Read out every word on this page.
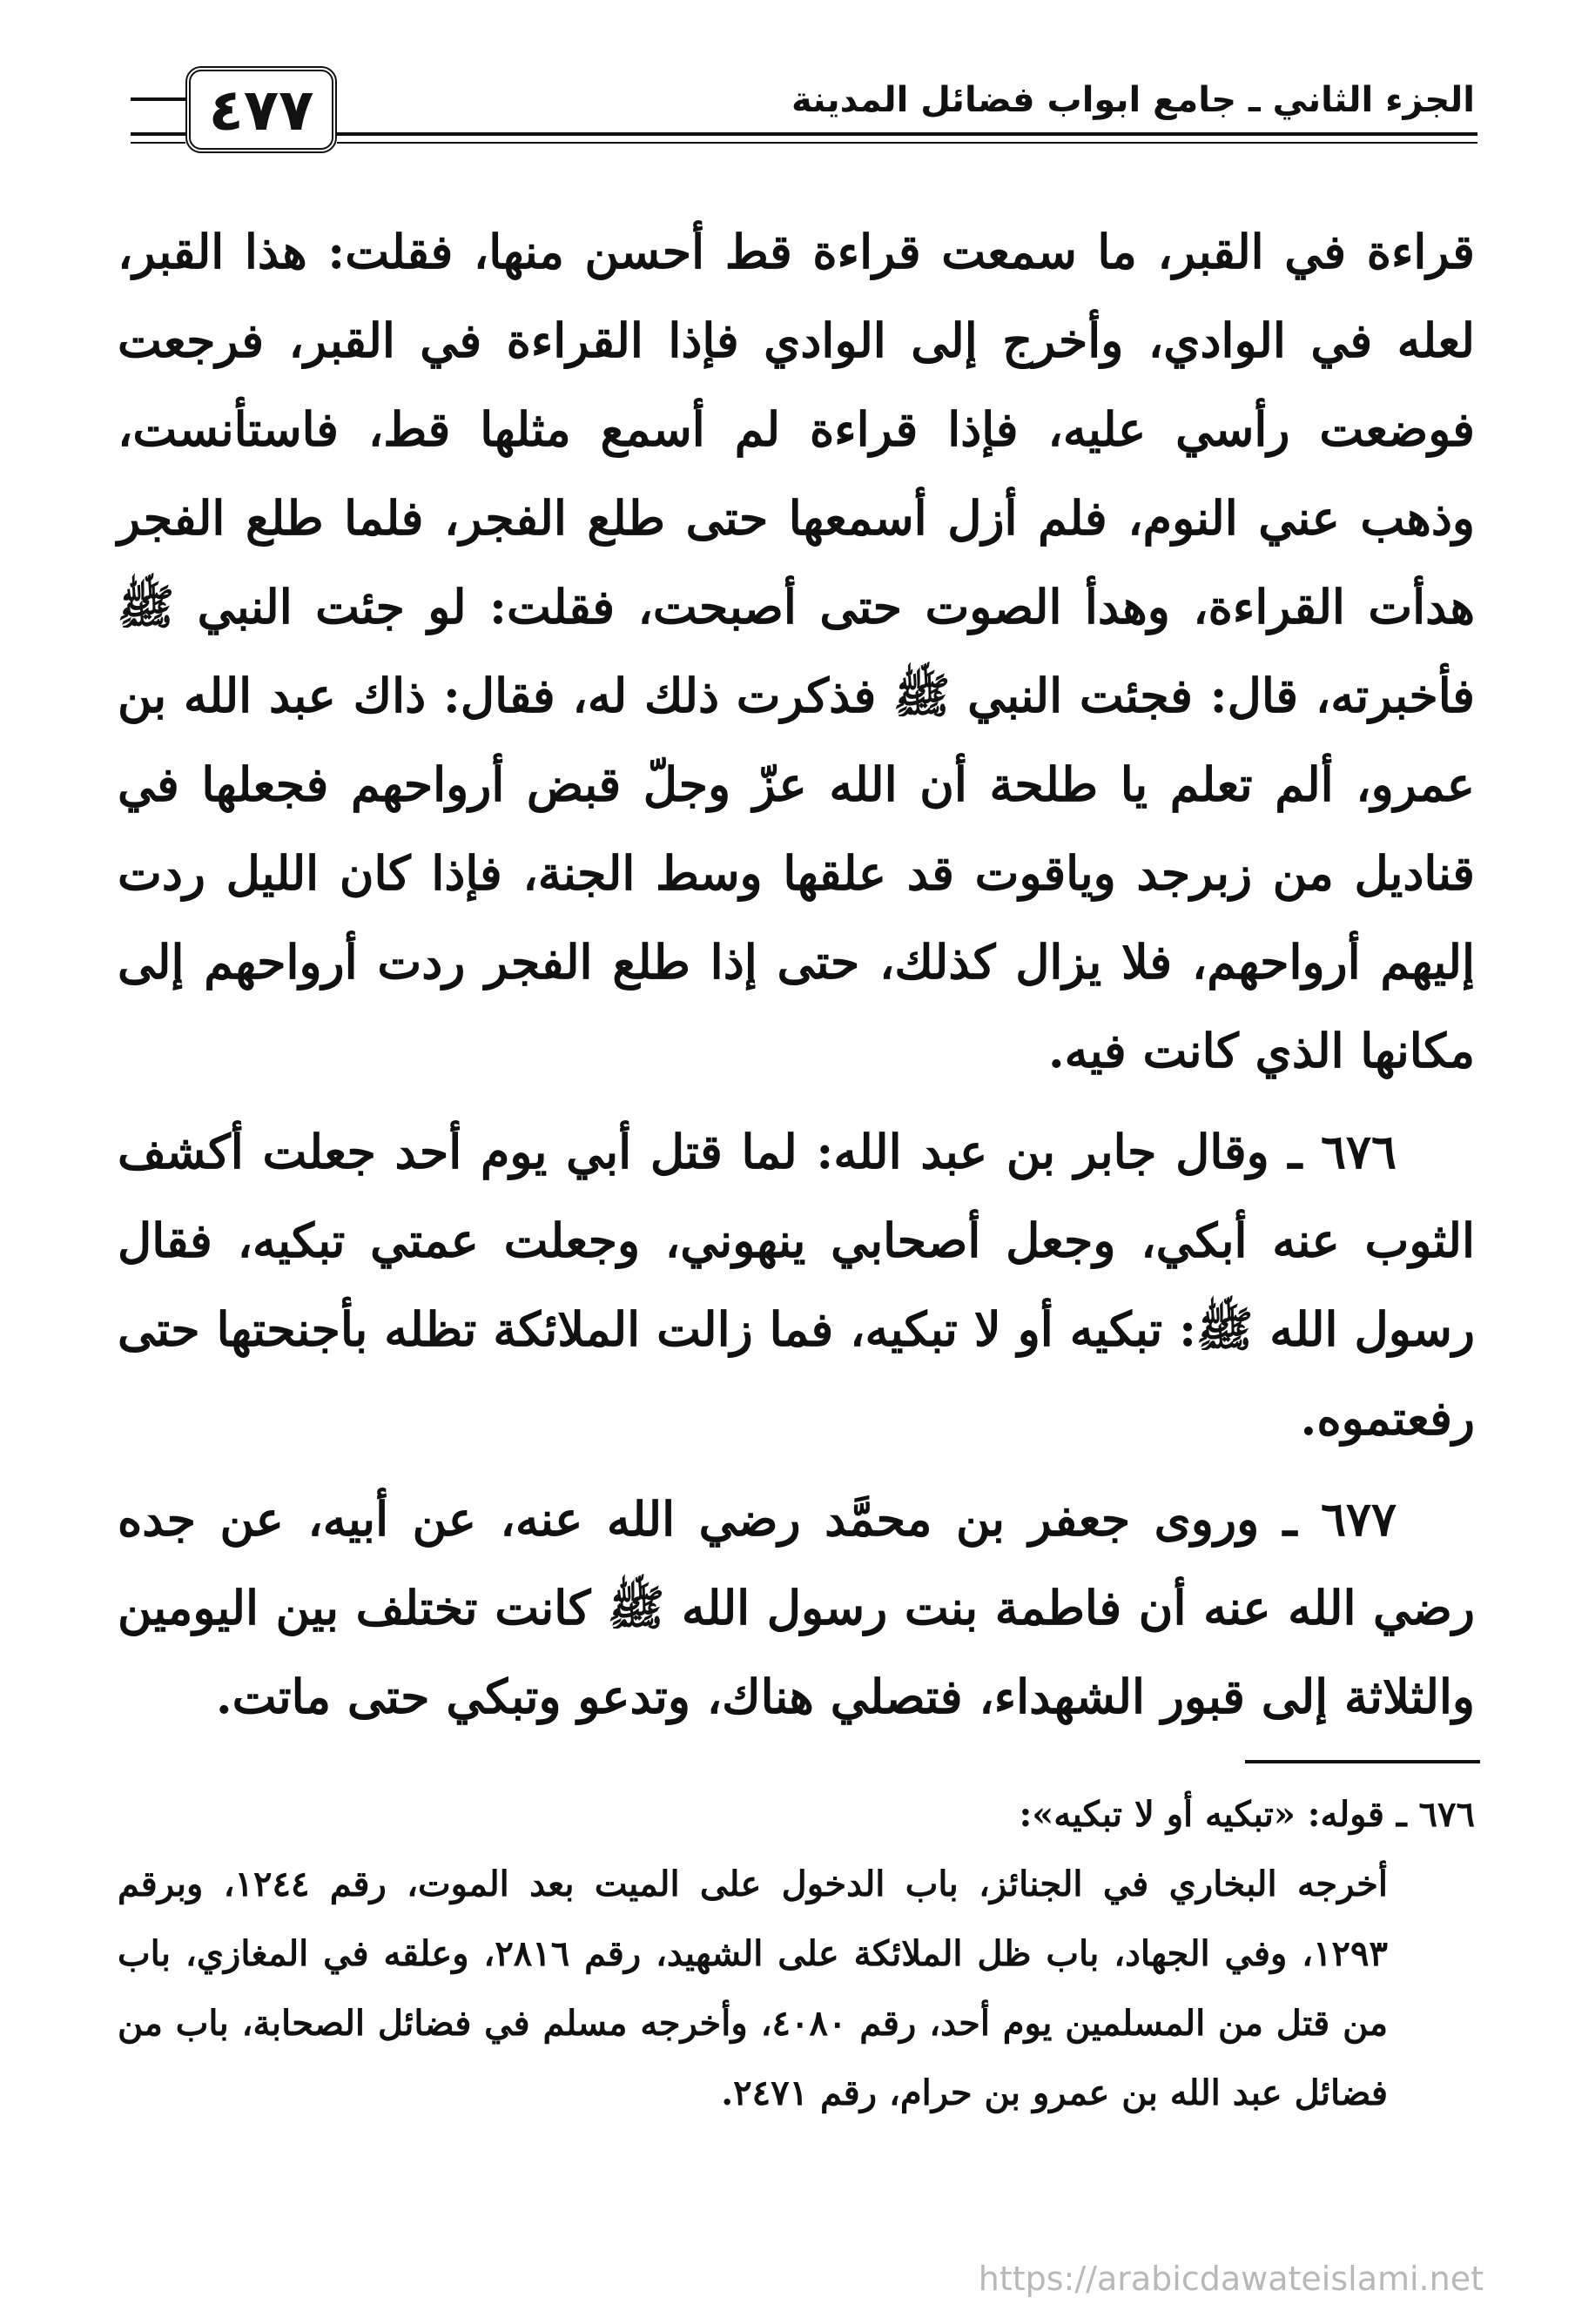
٤٧٧	الجزء الثاني ـ جامع ابواب فضائل المدينة

قراءة في القبر، ما سمعت قراءة قط أحسن منها، فقلت: هذا القبر، لعله في الوادي، وأخرج إلى الوادي فإذا القراءة في القبر، فرجعت فوضعت رأسي عليه، فإذا قراءة لم أسمع مثلها قط، فاستأنست، وذهب عني النوم، فلم أزل أسمعها حتى طلع الفجر، فلما طلع الفجر هدأت القراءة، وهدأ الصوت حتى أصبحت، فقلت: لو جئت النبي ﷺ فأخبرته، قال: فجئت النبي ﷺ فذكرت ذلك له، فقال: ذاك عبد الله بن عمرو، ألم تعلم يا طلحة أن الله عزّ وجلّ قبض أرواحهم فجعلها في قناديل من زبرجد وياقوت قد علقها وسط الجنة، فإذا كان الليل ردت إليهم أرواحهم، فلا يزال كذلك، حتى إذا طلع الفجر ردت أرواحهم إلى مكانها الذي كانت فيه.

٦٧٦ ـ وقال جابر بن عبد الله: لما قتل أبي يوم أحد جعلت أكشف الثوب عنه أبكي، وجعل أصحابي ينهوني، وجعلت عمتي تبكيه، فقال رسول الله ﷺ: تبكيه أو لا تبكيه، فما زالت الملائكة تظله بأجنحتها حتى رفعتموه.

٦٧٧ ـ وروى جعفر بن محمَّد رضي الله عنه، عن أبيه، عن جده رضي الله عنه أن فاطمة بنت رسول الله ﷺ كانت تختلف بين اليومين والثلاثة إلى قبور الشهداء، فتصلي هناك، وتدعو وتبكي حتى ماتت.

٦٧٦ ـ قوله: «تبكيه أو لا تبكيه»:

أخرجه البخاري في الجنائز، باب الدخول على الميت بعد الموت، رقم ١٢٤٤، وبرقم ١٢٩٣، وفي الجهاد، باب ظل الملائكة على الشهيد، رقم ٢٨١٦، وعلقه في المغازي، باب من قتل من المسلمين يوم أحد، رقم ٤٠٨٠، وأخرجه مسلم في فضائل الصحابة، باب من فضائل عبد الله بن عمرو بن حرام، رقم ٢٤٧١.

https://arabicdawateislami.net
